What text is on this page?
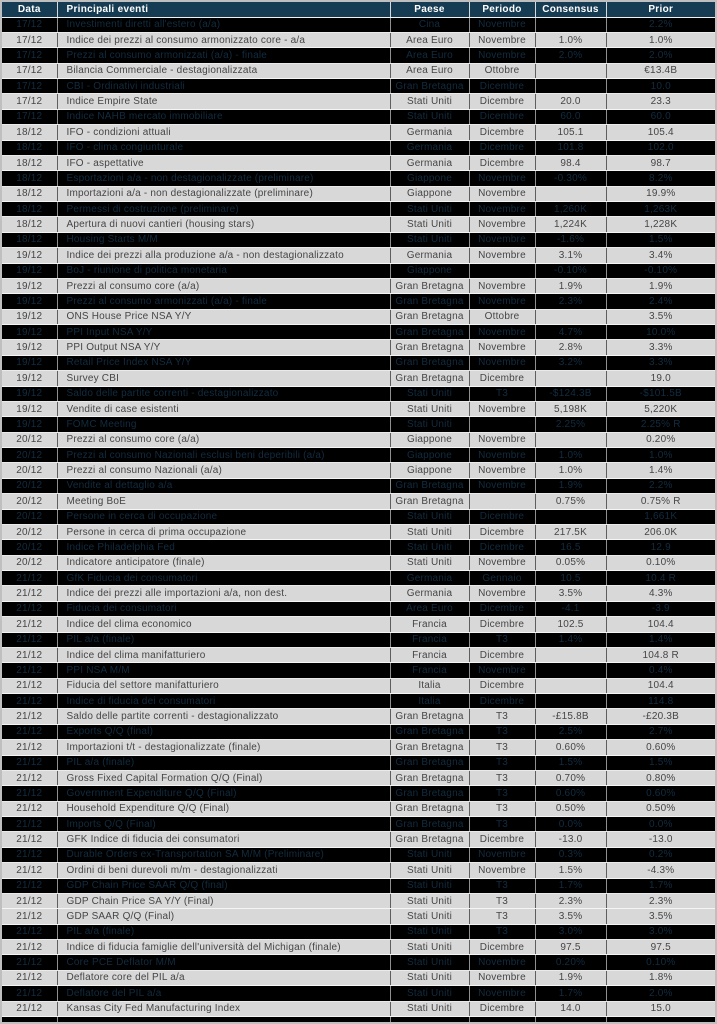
Data	Principali eventi	Paese	Periodo	Consensus	Prior
17/12	Investimenti diretti all'estero (a/a)	Cina	Novembre		2.2%
17/12	Indice dei prezzi al consumo armonizzato core - a/a	Area Euro	Novembre	1.0%	1.0%
17/12	Prezzi al consumo armonizzati (a/a) - finale	Area Euro	Novembre	2.0%	2.0%
17/12	Bilancia Commerciale - destagionalizzata	Area Euro	Ottobre		€13.4B
17/12	CBI - Ordinativi industriali	Gran Bretagna	Dicembre		10.0
17/12	Indice Empire State	Stati Uniti	Dicembre	20.0	23.3
17/12	Indice NAHB mercato immobiliare	Stati Uniti	Dicembre	60.0	60.0
18/12	IFO - condizioni attuali	Germania	Dicembre	105.1	105.4
18/12	IFO - clima congiunturale	Germania	Dicembre	101.8	102.0
18/12	IFO - aspettative	Germania	Dicembre	98.4	98.7
18/12	Esportazioni a/a - non destagionalizzate (preliminare)	Giappone	Novembre	-0.30%	8.2%
18/12	Importazioni a/a - non destagionalizzate (preliminare)	Giappone	Novembre		19.9%
18/12	Permessi di costruzione (preliminare)	Stati Uniti	Novembre	1,260K	1,263K
18/12	Apertura di nuovi cantieri (housing stars)	Stati Uniti	Novembre	1,224K	1,228K
18/12	Housing Starts M/M	Stati Uniti	Novembre	-1.6%	1.5%
19/12	Indice dei prezzi alla produzione a/a - non destagionalizzato	Germania	Novembre	3.1%	3.4%
19/12	BoJ - riunione di politica monetaria	Giappone		-0.10%	-0.10%
19/12	Prezzi al consumo core (a/a)	Gran Bretagna	Novembre	1.9%	1.9%
19/12	Prezzi al consumo armonizzati (a/a) - finale	Gran Bretagna	Novembre	2.3%	2.4%
19/12	ONS House Price NSA Y/Y	Gran Bretagna	Ottobre		3.5%
19/12	PPI Input NSA Y/Y	Gran Bretagna	Novembre	4.7%	10.0%
19/12	PPI Output NSA Y/Y	Gran Bretagna	Novembre	2.8%	3.3%
19/12	Retail Price Index NSA Y/Y	Gran Bretagna	Novembre	3.2%	3.3%
19/12	Survey CBI	Gran Bretagna	Dicembre		19.0
19/12	Saldo delle partite correnti - destagionalizzato	Stati Uniti	T3	-$124.3B	-$101.5B
19/12	Vendite di case esistenti	Stati Uniti	Novembre	5,198K	5,220K
19/12	FOMC Meeting	Stati Uniti		2.25%	2.25% R
20/12	Prezzi al consumo core (a/a)	Giappone	Novembre		0.20%
20/12	Prezzi al consumo Nazionali esclusi beni deperibili (a/a)	Giappone	Novembre	1.0%	1.0%
20/12	Prezzi al consumo Nazionali (a/a)	Giappone	Novembre	1.0%	1.4%
20/12	Vendite al dettaglio a/a	Gran Bretagna	Novembre	1.9%	2.2%
20/12	Meeting BoE	Gran Bretagna		0.75%	0.75% R
20/12	Persone in cerca di occupazione	Stati Uniti	Dicembre		1,661K
20/12	Persone in cerca di prima occupazione	Stati Uniti	Dicembre	217.5K	206.0K
20/12	Indice Philadelphia Fed	Stati Uniti	Dicembre	16.5	12.9
20/12	Indicatore anticipatore (finale)	Stati Uniti	Novembre	0.05%	0.10%
21/12	GfK Fiducia dei consumatori	Germania	Gennaio	10.5	10.4 R
21/12	Indice dei prezzi alle importazioni a/a, non dest.	Germania	Novembre	3.5%	4.3%
21/12	Fiducia dei consumatori	Area Euro	Dicembre	-4.1	-3.9
21/12	Indice del clima economico	Francia	Dicembre	102.5	104.4
21/12	PIL a/a (finale)	Francia	T3	1.4%	1.4%
21/12	Indice del clima manifatturiero	Francia	Dicembre		104.8 R
21/12	PPI NSA M/M	Francia	Novembre		0.4%
21/12	Fiducia del settore manifatturiero	Italia	Dicembre		104.4
21/12	Indice di fiducia dei consumatori	Italia	Dicembre		114.8
21/12	Saldo delle partite correnti - destagionalizzato	Gran Bretagna	T3	-£15.8B	-£20.3B
21/12	Exports Q/Q (final)	Gran Bretagna	T3	2.5%	2.7%
21/12	Importazioni t/t - destagionalizzate (finale)	Gran Bretagna	T3	0.60%	0.60%
21/12	PIL a/a (finale)	Gran Bretagna	T3	1.5%	1.5%
21/12	Gross Fixed Capital Formation Q/Q (Final)	Gran Bretagna	T3	0.70%	0.80%
21/12	Government Expenditure Q/Q (Final)	Gran Bretagna	T3	0.60%	0.60%
21/12	Household Expenditure Q/Q (Final)	Gran Bretagna	T3	0.50%	0.50%
21/12	Imports Q/Q (Final)	Gran Bretagna	T3	0.0%	0.0%
21/12	GFK Indice di fiducia dei consumatori	Gran Bretagna	Dicembre	-13.0	-13.0
21/12	Durable Orders ex-Transportation SA M/M (Preliminare)	Stati Uniti	Novembre	0.3%	0.2%
21/12	Ordini di beni durevoli m/m - destagionalizzati	Stati Uniti	Novembre	1.5%	-4.3%
21/12	GDP Chain Price SAAR Q/Q (final)	Stati Uniti	T3	1.7%	1.7%
21/12	GDP Chain Price SA Y/Y (Final)	Stati Uniti	T3	2.3%	2.3%
21/12	GDP SAAR Q/Q (Final)	Stati Uniti	T3	3.5%	3.5%
21/12	PIL a/a (finale)	Stati Uniti	T3	3.0%	3.0%
21/12	Indice di fiducia famiglie dell'università del Michigan (finale)	Stati Uniti	Dicembre	97.5	97.5
21/12	Core PCE Deflator M/M	Stati Uniti	Novembre	0.20%	0.10%
21/12	Deflatore core del PIL a/a	Stati Uniti	Novembre	1.9%	1.8%
21/12	Deflatore del PIL a/a	Stati Uniti	Novembre	1.7%	2.0%
21/12	Kansas City Fed Manufacturing Index	Stati Uniti	Dicembre	14.0	15.0
